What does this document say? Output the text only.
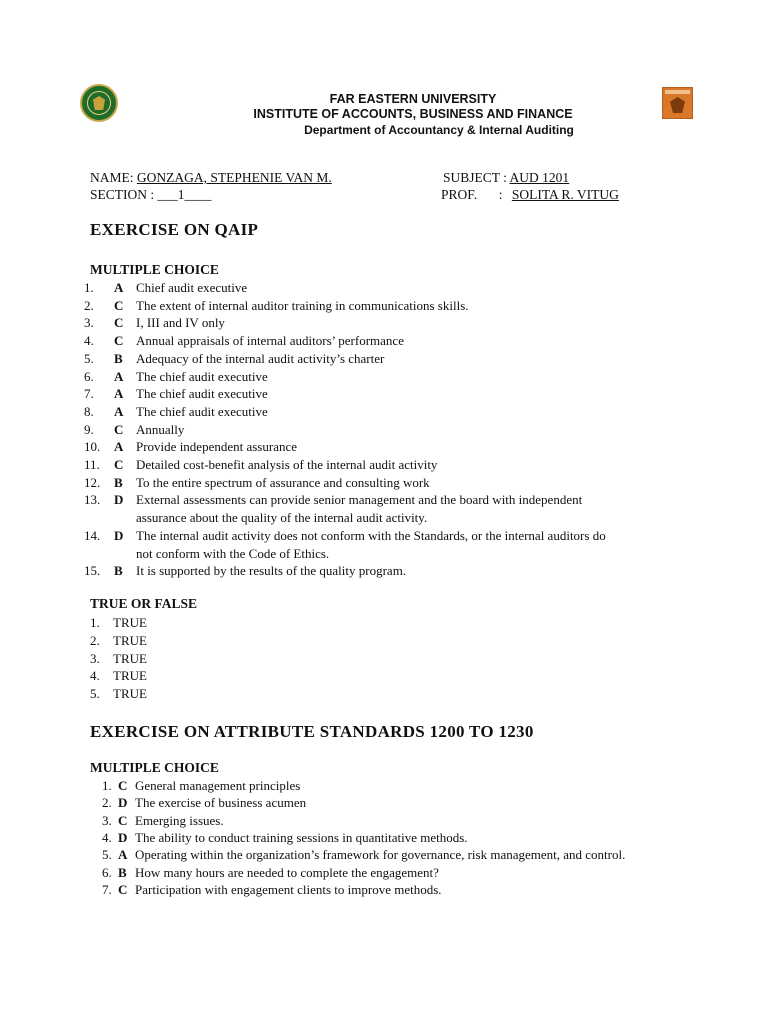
FAR EASTERN UNIVERSITY
INSTITUTE OF ACCOUNTS, BUSINESS AND FINANCE
Department of Accountancy & Internal Auditing
NAME: GONZAGA, STEPHENIE VAN M.
SECTION : ___1____
SUBJECT : AUD 1201
PROF. : SOLITA R. VITUG
EXERCISE ON QAIP
MULTIPLE CHOICE
1. A Chief audit executive
2. C The extent of internal auditor training in communications skills.
3. C I, III and IV only
4. C Annual appraisals of internal auditors’ performance
5. B Adequacy of the internal audit activity’s charter
6. A The chief audit executive
7. A The chief audit executive
8. A The chief audit executive
9. C Annually
10. A Provide independent assurance
11. C Detailed cost-benefit analysis of the internal audit activity
12. B To the entire spectrum of assurance and consulting work
13. D External assessments can provide senior management and the board with independent
assurance about the quality of the internal audit activity.
14. D The internal audit activity does not conform with the Standards, or the internal auditors do
not conform with the Code of Ethics.
15. B It is supported by the results of the quality program.
TRUE OR FALSE
1. TRUE
2. TRUE
3. TRUE
4. TRUE
5. TRUE
EXERCISE ON ATTRIBUTE STANDARDS 1200 TO 1230
MULTIPLE CHOICE
1. C General management principles
2. D The exercise of business acumen
3. C Emerging issues.
4. D The ability to conduct training sessions in quantitative methods.
5. A Operating within the organization’s framework for governance, risk management, and control.
6. B How many hours are needed to complete the engagement?
7. C Participation with engagement clients to improve methods.
